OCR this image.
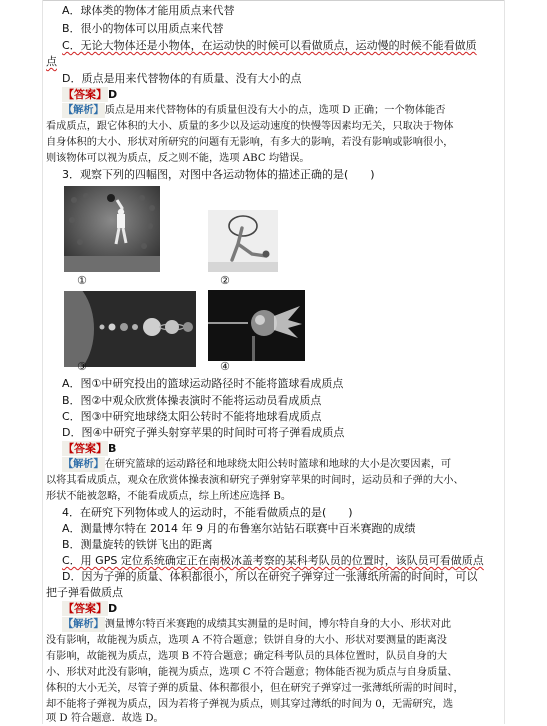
A．球体类的物体才能用质点来代替
B．很小的物体可以用质点来代替
C．无论大物体还是小物体，在运动快的时候可以看做质点，运动慢的时候不能看做质
点
D．质点是用来代替物体的有质量、没有大小的点
【答案】D
【解析】质点是用来代替物体的有质量但没有大小的点，选项 D 正确；一个物体能否
看成质点，跟它体积的大小、质量的多少以及运动速度的快慢等因素均无关，只取决于物体
自身体积的大小、形状对所研究的问题有无影响，有多大的影响，若没有影响或影响很小，
则该物体可以视为质点，反之则不能，选项 ABC 均错误。
3．观察下列的四幅图，对图中各运动物体的描述正确的是(　　)
①	②
③	④
A．图①中研究投出的篮球运动路径时不能将篮球看成质点
B．图②中观众欣赏体操表演时不能将运动员看成质点
C．图③中研究地球绕太阳公转时不能将地球看成质点
D．图④中研究子弹头射穿苹果的时间时可将子弹看成质点
【答案】B
【解析】在研究篮球的运动路径和地球绕太阳公转时篮球和地球的大小是次要因素，可
以将其看成质点，观众在欣赏体操表演和研究子弹射穿苹果的时间时，运动员和子弹的大小、
形状不能被忽略，不能看成质点，综上所述应选择 B。
4．在研究下列物体或人的运动时，不能看做质点的是(　　)
A．测量博尔特在 2014 年 9 月的布鲁塞尔站钻石联赛中百米赛跑的成绩
B．测量旋转的铁饼飞出的距离
C．用 GPS 定位系统确定正在南极冰盖考察的某科考队员的位置时，该队员可看做质点
D．因为子弹的质量、体积都很小，所以在研究子弹穿过一张薄纸所需的时间时，可以
把子弹看做质点
【答案】D
【解析】测量博尔特百米赛跑的成绩其实测量的是时间，博尔特自身的大小、形状对此
没有影响，故能视为质点，选项 A 不符合题意；铁饼自身的大小、形状对要测量的距离没
有影响，故能视为质点，选项 B 不符合题意；确定科考队员的具体位置时，队员自身的大
小、形状对此没有影响，能视为质点，选项 C 不符合题意；物体能否视为质点与自身质量、
体积的大小无关，尽管子弹的质量、体积都很小，但在研究子弹穿过一张薄纸所需的时间时，
却不能将子弹视为质点，因为若将子弹视为质点，则其穿过薄纸的时间为 0，无需研究，选
项 D 符合题意．故选 D。
